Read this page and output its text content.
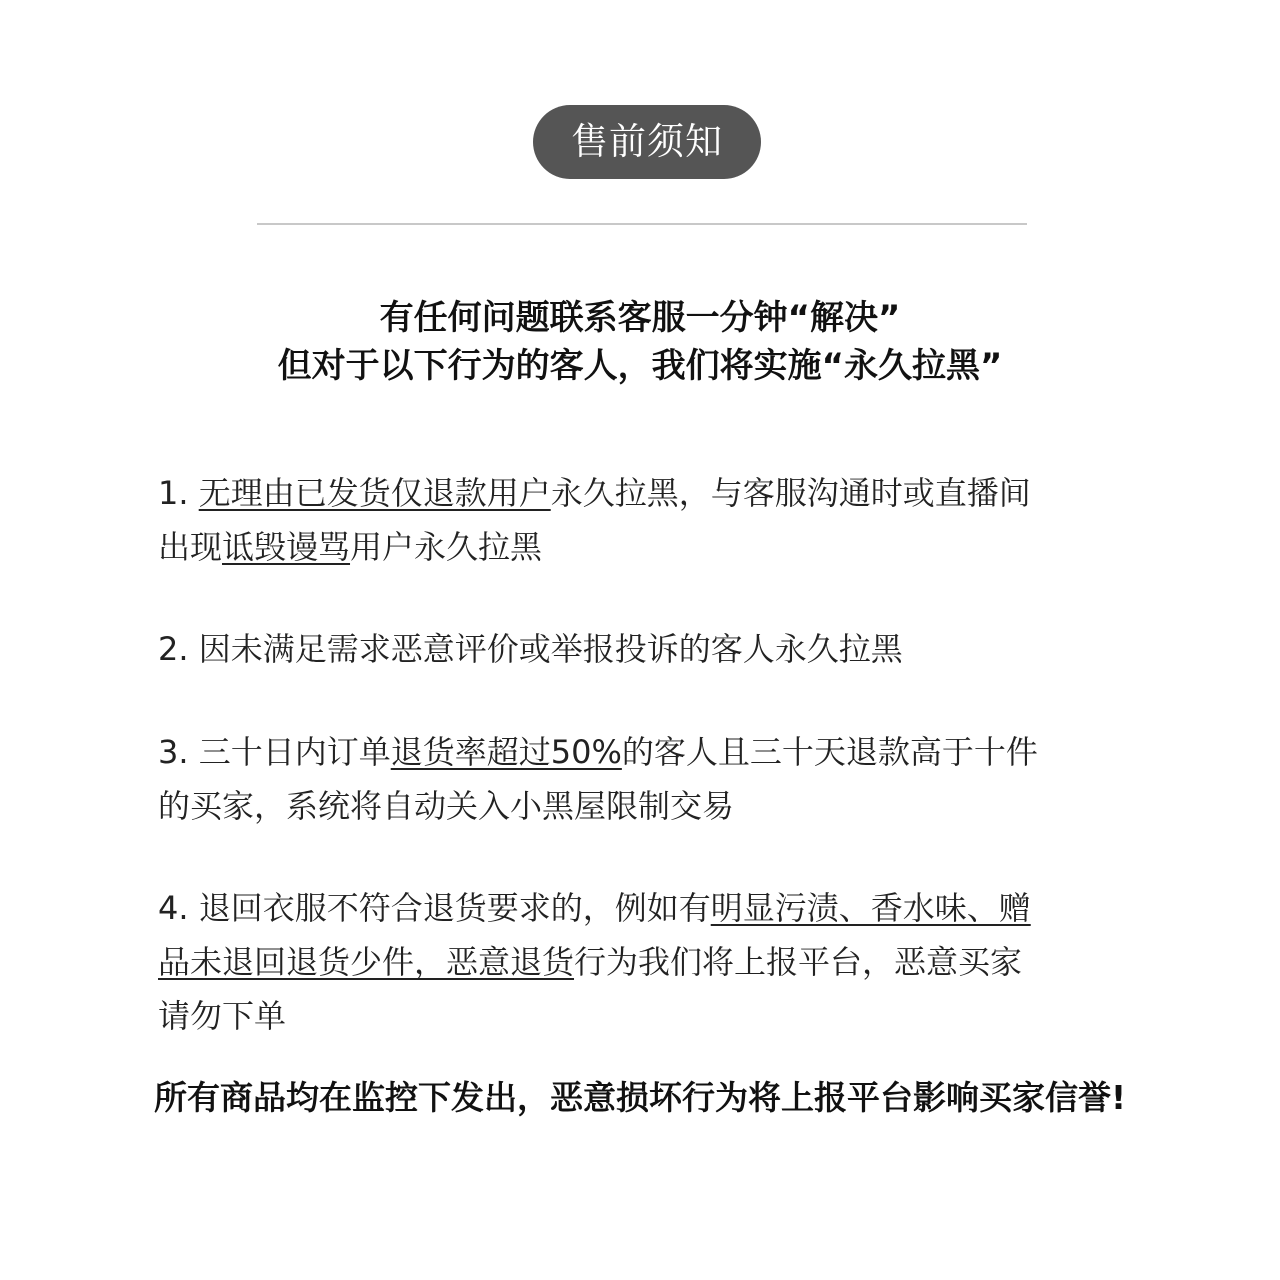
售前须知
有任何问题联系客服一分钟“解决”
但对于以下行为的客人，我们将实施“永久拉黑”
1. 无理由已发货仅退款用户永久拉黑，与客服沟通时或直播间
出现诋毁谩骂用户永久拉黑
2. 因未满足需求恶意评价或举报投诉的客人永久拉黑
3. 三十日内订单退货率超过50%的客人且三十天退款高于十件
的买家，系统将自动关入小黑屋限制交易
4. 退回衣服不符合退货要求的，例如有明显污渍、香水味、赠
品未退回退货少件，恶意退货行为我们将上报平台，恶意买家
请勿下单
所有商品均在监控下发出，恶意损坏行为将上报平台影响买家信誉!
